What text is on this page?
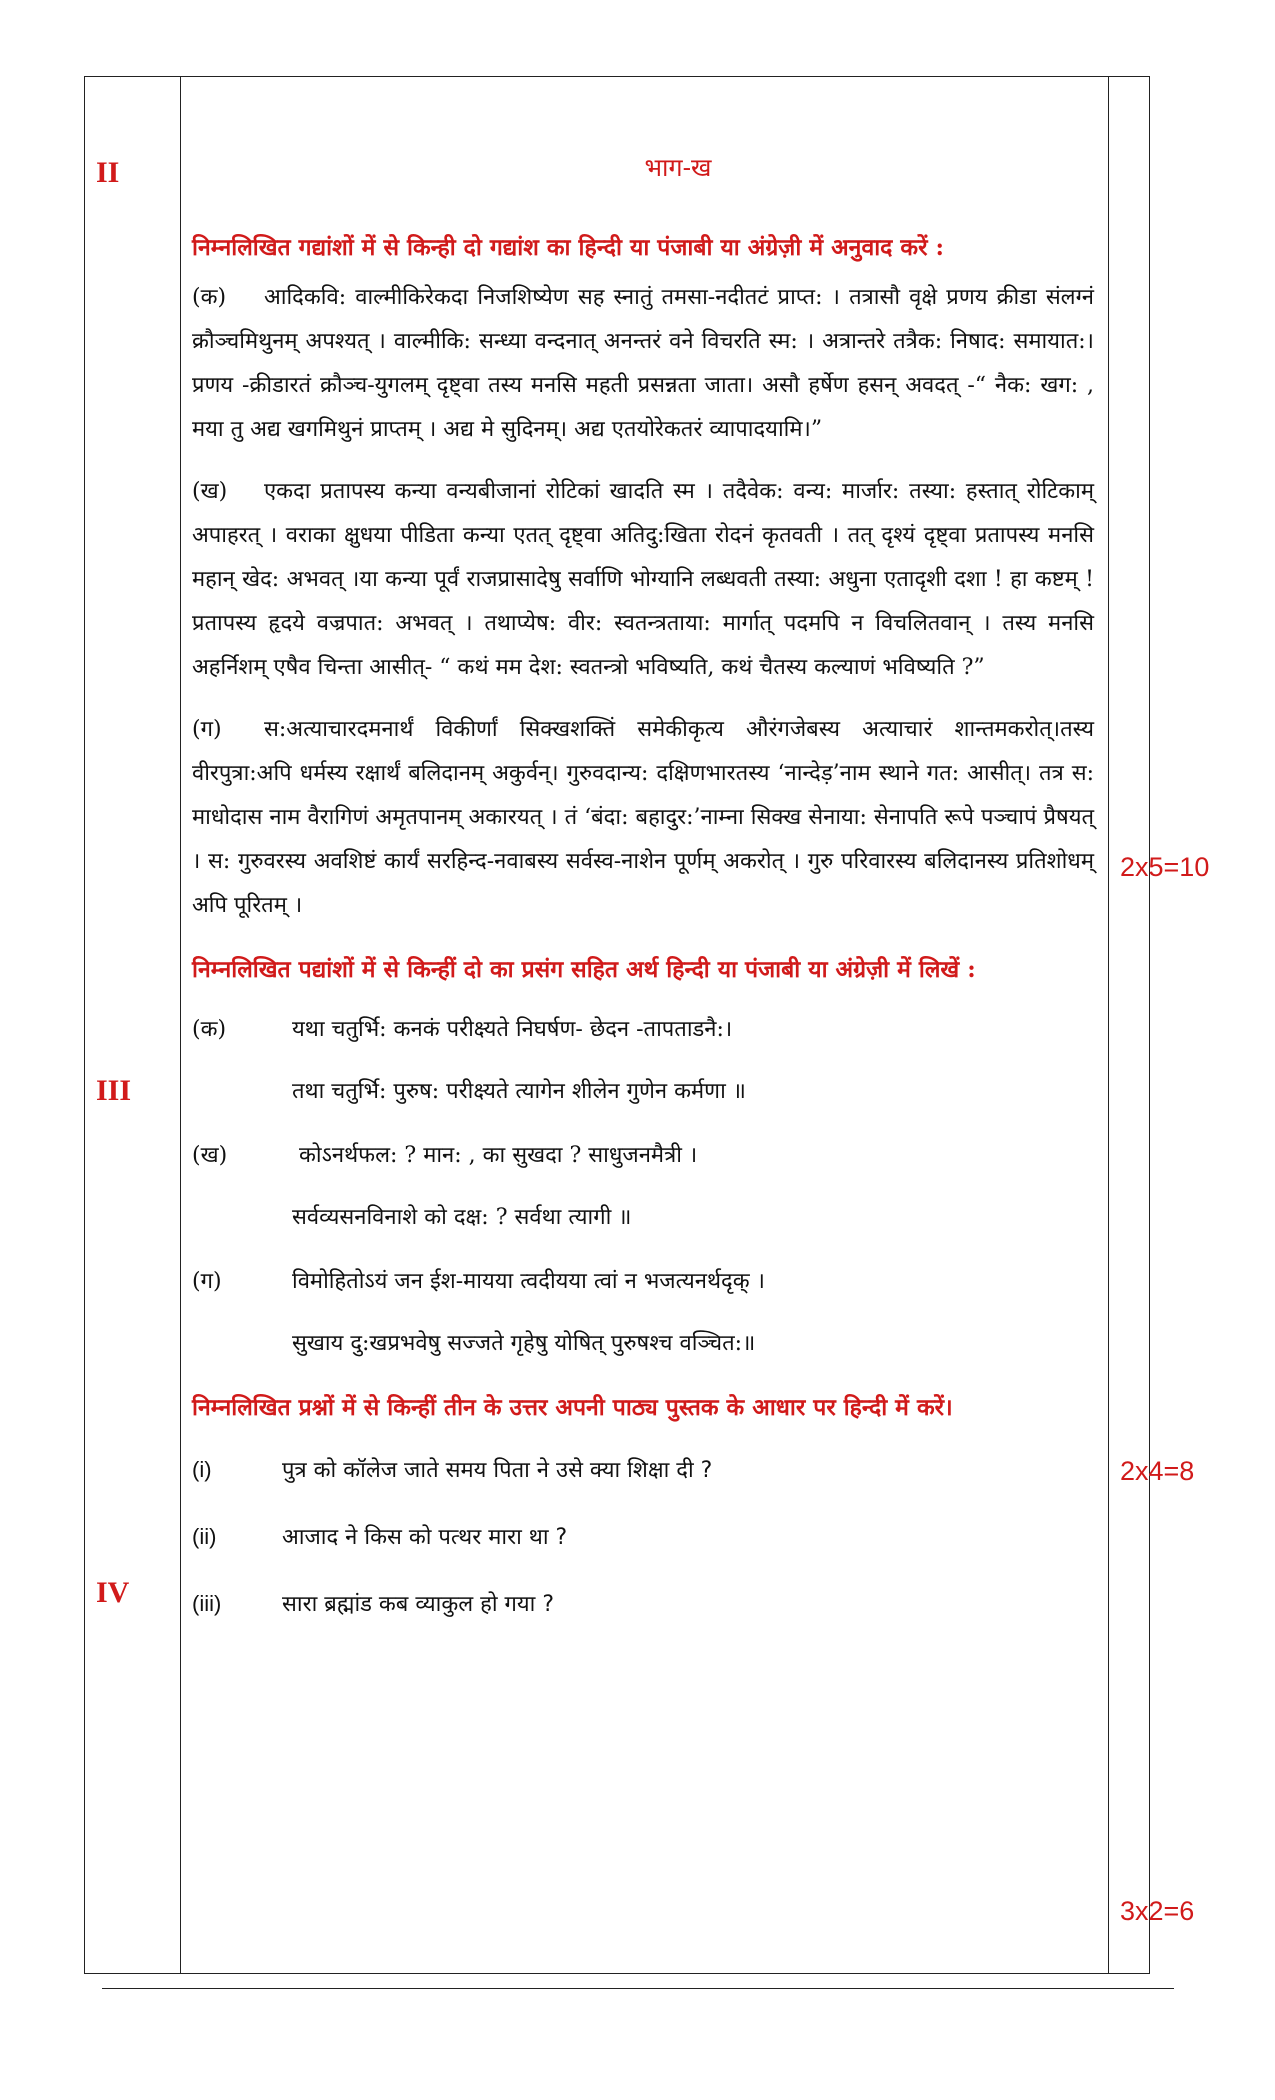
II
III
IV
2x5=10
2x4=8
3x2=6
भाग-ख
निम्नलिखित गद्यांशों में से किन्ही दो गद्यांश का हिन्दी या पंजाबी या अंग्रेज़ी में अनुवाद करें :
(क) आदिकवि: वाल्मीकिरेकदा निजशिष्येण सह स्नातुं तमसा-नदीतटं प्राप्त: । तत्रासौ वृक्षे प्रणय क्रीडा संलग्नं क्रौञ्चमिथुनम् अपश्यत् । वाल्मीकि: सन्ध्या वन्दनात् अनन्तरं वने विचरति स्म: । अत्रान्तरे तत्रैक: निषाद: समायात:। प्रणय -क्रीडारतं क्रौञ्च-युगलम् दृष्ट्वा तस्य मनसि महती प्रसन्नता जाता। असौ हर्षेण हसन् अवदत् -“ नैक: खग: , मया तु अद्य खगमिथुनं प्राप्तम् । अद्य मे सुदिनम्। अद्य एतयोरेकतरं व्यापादयामि।”
(ख) एकदा प्रतापस्य कन्या वन्यबीजानां रोटिकां खादति स्म । तदैवेक: वन्य: मार्जार: तस्या: हस्तात् रोटिकाम् अपाहरत् । वराका क्षुधया पीडिता कन्या एतत् दृष्ट्वा अतिदु:खिता रोदनं कृतवती । तत् दृश्यं दृष्ट्वा प्रतापस्य मनसि महान् खेद: अभवत् ।या कन्या पूर्वं राजप्रासादेषु सर्वाणि भोग्यानि लब्धवती तस्या: अधुना एतादृशी दशा ! हा कष्टम् ! प्रतापस्य हृदये वज्रपात: अभवत् । तथाप्येष: वीर: स्वतन्त्रताया: मार्गात् पदमपि न विचलितवान् । तस्य मनसि अहर्निशम् एषैव चिन्ता आसीत्- “ कथं मम देश: स्वतन्त्रो भविष्यति, कथं चैतस्य कल्याणं भविष्यति ?”
(ग) स:अत्याचारदमनार्थं विकीर्णां सिक्खशक्तिं समेकीकृत्य औरंगजेबस्य अत्याचारं शान्तमकरोत्।तस्य वीरपुत्रा:अपि धर्मस्य रक्षार्थं बलिदानम् अकुर्वन्। गुरुवदान्य: दक्षिणभारतस्य ‘नान्देड़’नाम स्थाने गत: आसीत्। तत्र स: माधोदास नाम वैरागिणं अमृतपानम् अकारयत् । तं ‘बंदा: बहादुर:’नाम्ना सिक्ख सेनाया: सेनापति रूपे पञ्चापं प्रैषयत् । स: गुरुवरस्य अवशिष्टं कार्यं सरहिन्द-नवाबस्य सर्वस्व-नाशेन पूर्णम् अकरोत् । गुरु परिवारस्य बलिदानस्य प्रतिशोधम् अपि पूरितम् ।
निम्नलिखित पद्यांशों में से किन्हीं दो का प्रसंग सहित अर्थ हिन्दी या पंजाबी या अंग्रेज़ी में लिखें :
(क)	यथा चतुर्भि: कनकं परीक्ष्यते निघर्षण- छेदन -तापताडनै:।
तथा चतुर्भि: पुरुष: परीक्ष्यते त्यागेन शीलेन गुणेन कर्मणा ॥
(ख)	कोऽनर्थफल: ? मान: , का सुखदा ? साधुजनमैत्री ।
सर्वव्यसनविनाशे को दक्ष: ? सर्वथा त्यागी ॥
(ग)	विमोहितोऽयं जन ईश-मायया त्वदीयया त्वां न भजत्यनर्थदृक् ।
सुखाय दु:खप्रभवेषु सज्जते गृहेषु योषित् पुरुषश्च वञ्चित:॥
निम्नलिखित प्रश्नों में से किन्हीं तीन के उत्तर अपनी पाठ्य पुस्तक के आधार पर हिन्दी में करें।
(i)	पुत्र को कॉलेज जाते समय पिता ने उसे क्या शिक्षा दी ?
(ii)	आजाद ने किस को पत्थर मारा था ?
(iii)	सारा ब्रह्मांड कब व्याकुल हो गया ?
